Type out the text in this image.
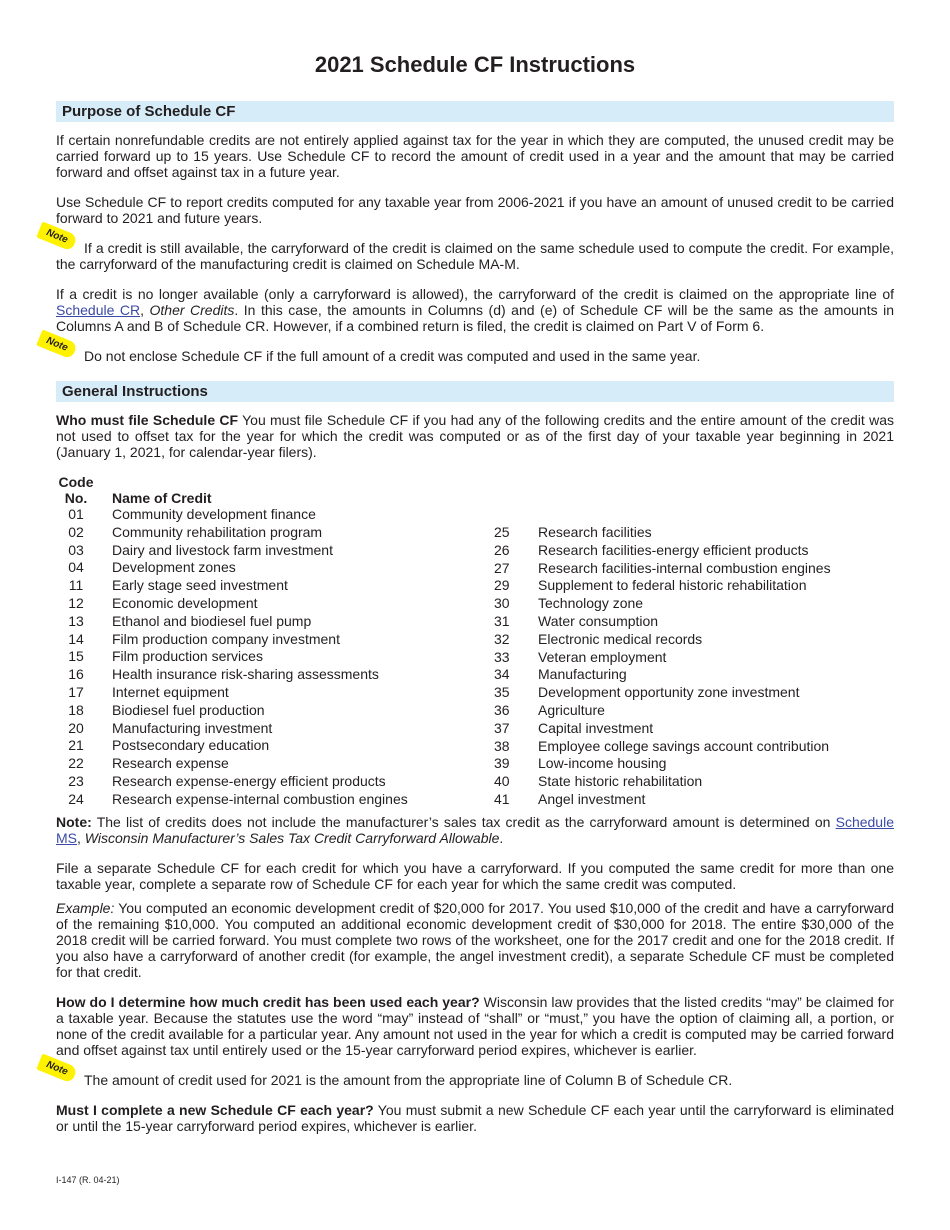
2021 Schedule CF Instructions
Purpose of Schedule CF

If certain nonrefundable credits are not entirely applied against tax for the year in which they are computed, the unused credit may be carried forward up to 15 years. Use Schedule CF to record the amount of credit used in a year and the amount that may be carried forward and offset against tax in a future year.

Use Schedule CF to report credits computed for any taxable year from 2006-2021 if you have an amount of unused credit to be carried forward to 2021 and future years.

Note

If a credit is still available, the carryforward of the credit is claimed on the same schedule used to compute the credit. For example, the carryforward of the manufacturing credit is claimed on Schedule MA-M.

If a credit is no longer available (only a carryforward is allowed), the carryforward of the credit is claimed on the appropriate line of Schedule CR, Other Credits. In this case, the amounts in Columns (d) and (e) of Schedule CF will be the same as the amounts in Columns A and B of Schedule CR. However, if a combined return is filed, the credit is claimed on Part V of Form 6.

Note

Do not enclose Schedule CF if the full amount of a credit was computed and used in the same year.

General Instructions

Who must file Schedule CF You must file Schedule CF if you had any of the following credits and the entire amount of the credit was not used to offset tax for the year for which the credit was computed or as of the first day of your taxable year beginning in 2021 (January 1, 2021, for calendar-year filers).

Code
No.	Name of Credit
01 Community development finance
02 Community rehabilitation program
03 Dairy and livestock farm investment
04 Development zones
11 Early stage seed investment
12 Economic development
13 Ethanol and biodiesel fuel pump
14 Film production company investment
15 Film production services
16 Health insurance risk-sharing assessments
17 Internet equipment
18 Biodiesel fuel production
20 Manufacturing investment
21 Postsecondary education
22 Research expense
23 Research expense-energy efficient products
24 Research expense-internal combustion engines
25 Research facilities
26 Research facilities-energy efficient products
27 Research facilities-internal combustion engines
29 Supplement to federal historic rehabilitation
30 Technology zone
31 Water consumption
32 Electronic medical records
33 Veteran employment
34 Manufacturing
35 Development opportunity zone investment
36 Agriculture
37 Capital investment
38 Employee college savings account contribution
39 Low-income housing
40 State historic rehabilitation
41 Angel investment

Note: The list of credits does not include the manufacturer’s sales tax credit as the carryforward amount is determined on Schedule MS, Wisconsin Manufacturer’s Sales Tax Credit Carryforward Allowable.

File a separate Schedule CF for each credit for which you have a carryforward. If you computed the same credit for more than one taxable year, complete a separate row of Schedule CF for each year for which the same credit was computed.

Example: You computed an economic development credit of $20,000 for 2017. You used $10,000 of the credit and have a carryforward of the remaining $10,000. You computed an additional economic development credit of $30,000 for 2018. The entire $30,000 of the 2018 credit will be carried forward. You must complete two rows of the worksheet, one for the 2017 credit and one for the 2018 credit. If you also have a carryforward of another credit (for example, the angel investment credit), a separate Schedule CF must be completed for that credit.

How do I determine how much credit has been used each year? Wisconsin law provides that the listed credits “may” be claimed for a taxable year. Because the statutes use the word “may” instead of “shall” or “must,” you have the option of claiming all, a portion, or none of the credit available for a particular year. Any amount not used in the year for which a credit is computed may be carried forward and offset against tax until entirely used or the 15-year carryforward period expires, whichever is earlier.

Note

The amount of credit used for 2021 is the amount from the appropriate line of Column B of Schedule CR.

Must I complete a new Schedule CF each year? You must submit a new Schedule CF each year until the carryforward is eliminated or until the 15-year carryforward period expires, whichever is earlier.

I-147 (R. 04-21)
